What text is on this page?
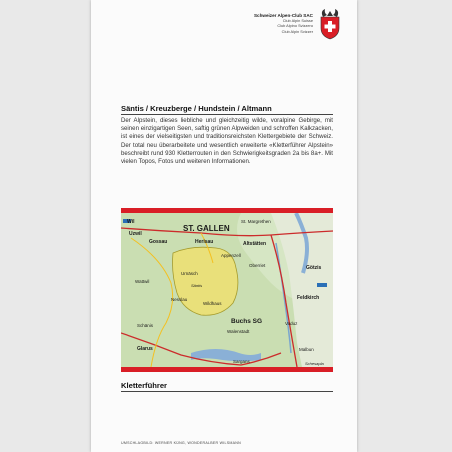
Schweizer Alpen-Club SAC
Club Alpin Suisse
Club Alpino Svizzero
Club Alpin Svizzer
Säntis / Kreuzberge / Hundstein / Altmann
Der Alpstein, dieses liebliche und gleichzeitig wilde, voralpine Gebirge, mit seinen einzigartigen Seen, saftig grünen Alpweiden und schroffen Kalkzacken, ist eines der vielseitigsten und traditionsreichsten Klettergebiete der Schweiz. Der total neu überarbeitete und wesentlich erweiterte «Kletterführer Alpstein» beschreibt rund 930 Kletterrouten in den Schwierigkeitsgraden 2a bis 8a+. Mit vielen Topos, Fotos und weiteren Informationen.
Wil	St. Margrethen
Uzwil
ST. GALLEN
Gossau	Herisau	Altstätten
Appenzell
Oberriet	Götzis
Urnäsch
Säntis
Wattwil
Nesslau
Wildhaus
Feldkirch
Vaduz
Schänis
Buchs SG
Walenstadt
Malbun
Glarus
Sargans	Schesapla
Kletterführer
UMSCHLAGBILD: WERNER KÜNG, WONDERALBER WILSMANN
